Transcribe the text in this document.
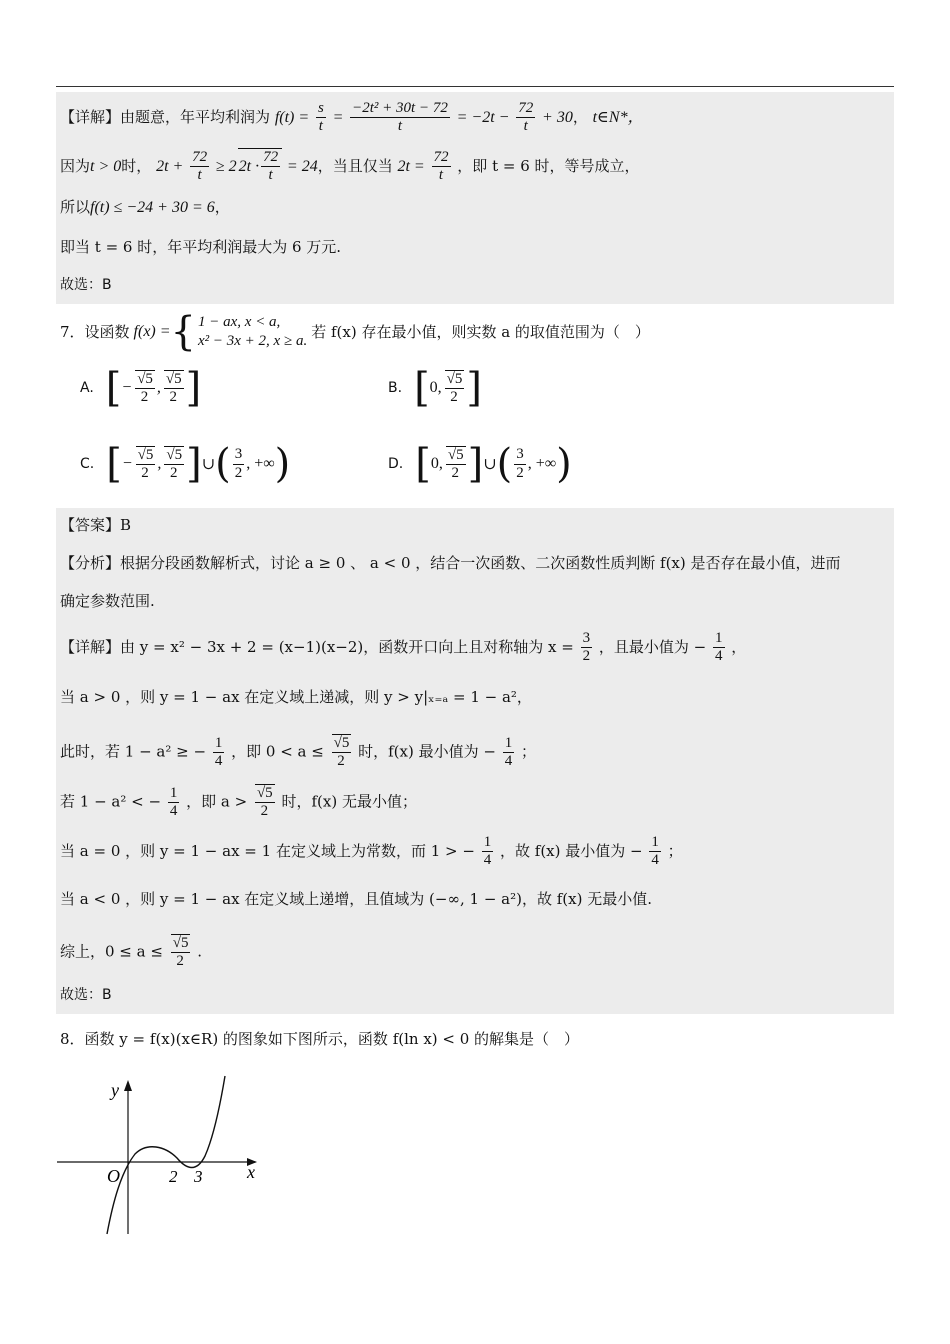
【详解】由题意，年平均利润为 $f(t) = \frac{s}{t} = \frac{\text{−2t² + 30t − 72}}{t} = -2t - \frac{72}{t} + 30$， t∈N*，
因为t > 0时， $2t + \frac{72}{t} \ge 2$ $2t \cdot \frac{72}{t} = 24$，当且仅当 $2t = \frac{72}{t}$ ，即 t = 6 时，等号成立，
所以f(t) ≤ −24 + 30 = 6，
即当 t = 6 时，年平均利润最大为 6 万元.
故选：B
7．设函数 f(x) = { 1 − ax, x < a,
x² − 3x + 2, x ≥ a.
若 f(x) 存在最小值，则实数 a 的取值范围为（　）
A. [ − $\frac{√5}{2}$ , $\frac{√5}{2}$ ]	B. [ 0, $\frac{√5}{2}$ ]
C. [ − $\frac{√5}{2}$ , $\frac{√5}{2}$ ] ∪ ( $\frac{3}{2}$ , +∞ )	D. [ 0, $\frac{√5}{2}$ ] ∪ ( $\frac{3}{2}$ , +∞ )
【答案】B
【分析】根据分段函数解析式，讨论 a ≥ 0 、 a < 0 ，结合一次函数、二次函数性质判断 f(x) 是否存在最小值，进而
确定参数范围.
【详解】由 y = x² − 3x + 2 = (x−1)(x−2)，函数开口向上且对称轴为 $x = \frac{3}{2}$ ，且最小值为 − $\frac{1}{4}$ ，
当 a > 0 ，则 y = 1 − ax 在定义域上递减，则 y > y|ₓ₌ₐ = 1 − a²，
此时，若 1 − a² ≥ − $\frac{1}{4}$ ，即 $0 < a \le \frac{√5}{2}$ 时，f(x) 最小值为 − $\frac{1}{4}$ ；
若 1 − a² < − $\frac{1}{4}$ ，即 $a > \frac{√5}{2}$ 时，f(x) 无最小值；
当 a = 0 ，则 y = 1 − ax = 1 在定义域上为常数，而 1 > − $\frac{1}{4}$ ，故 f(x) 最小值为 − $\frac{1}{4}$ ；
当 a < 0 ，则 y = 1 − ax 在定义域上递增，且值域为 (−∞, 1 − a²)，故 f(x) 无最小值.
综上，$0 \le a \le \frac{√5}{2}$ .
故选：B
8．函数 y = f(x)(x∈R) 的图象如下图所示，函数 f(ln x) < 0 的解集是（　）
y
x
O	2 3
